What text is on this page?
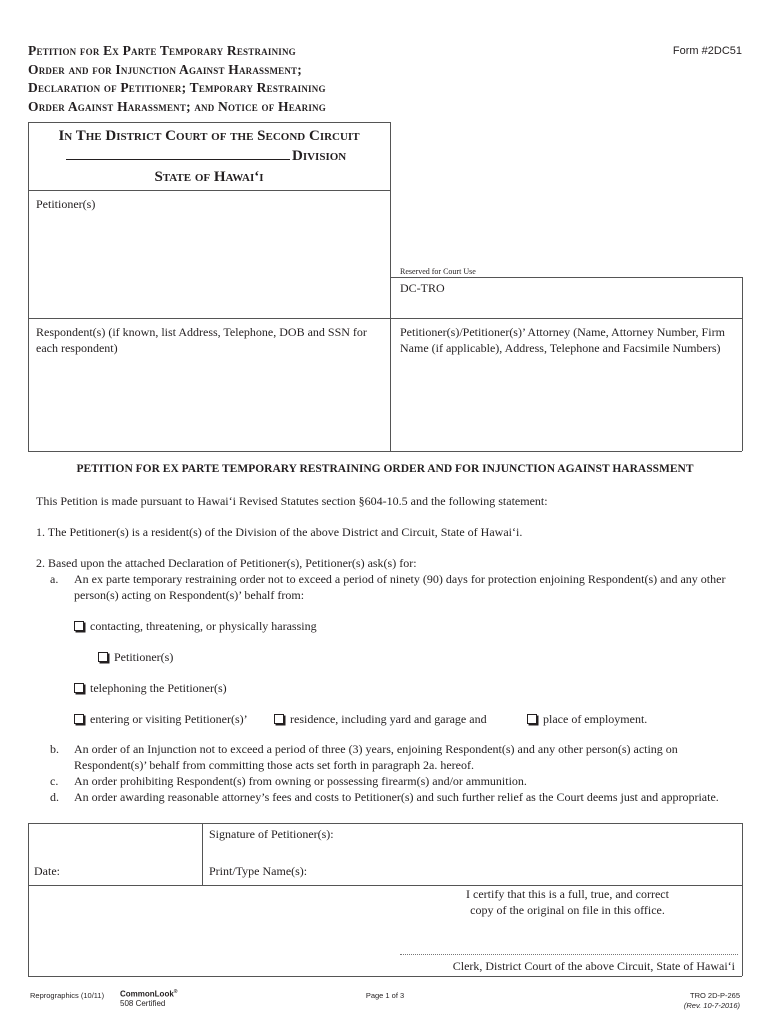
Petition for Ex Parte Temporary Restraining
Order and for Injunction Against Harassment;
Declaration of Petitioner; Temporary Restraining
Order Against Harassment; and Notice of Hearing
Form #2DC51
In The District Court of the Second Circuit
Division
State of Hawai‘i
Petitioner(s)
Reserved for Court Use
DC-TRO
Respondent(s) (if known, list Address, Telephone, DOB and SSN for each respondent)
Petitioner(s)/Petitioner(s)’ Attorney (Name, Attorney Number, Firm Name (if applicable), Address, Telephone and Facsimile Numbers)
PETITION FOR EX PARTE TEMPORARY RESTRAINING ORDER AND FOR INJUNCTION AGAINST HARASSMENT
This Petition is made pursuant to Hawai‘i Revised Statutes section §604-10.5 and the following statement:
1. The Petitioner(s) is a resident(s) of the Division of the above District and Circuit, State of Hawai‘i.
2. Based upon the attached Declaration of Petitioner(s), Petitioner(s) ask(s) for:
a. An ex parte temporary restraining order not to exceed a period of ninety (90) days for protection enjoining Respondent(s) and any other person(s) acting on Respondent(s)’ behalf from:
contacting, threatening, or physically harassing
Petitioner(s)
telephoning the Petitioner(s)
entering or visiting Petitioner(s)’	residence, including yard and garage and	place of employment.
b. An order of an Injunction not to exceed a period of three (3) years, enjoining Respondent(s) and any other person(s) acting on Respondent(s)’ behalf from committing those acts set forth in paragraph 2a. hereof.
c. An order prohibiting Respondent(s) from owning or possessing firearm(s) and/or ammunition.
d. An order awarding reasonable attorney’s fees and costs to Petitioner(s) and such further relief as the Court deems just and appropriate.
Signature of Petitioner(s):
Date:	Print/Type Name(s):
I certify that this is a full, true, and correct
copy of the original on file in this office.
Clerk, District Court of the above Circuit, State of Hawai‘i
Reprographics (10/11) CommonLook®
508 Certified
Page 1 of 3	TRO 2D-P-265
(Rev. 10-7-2016)
